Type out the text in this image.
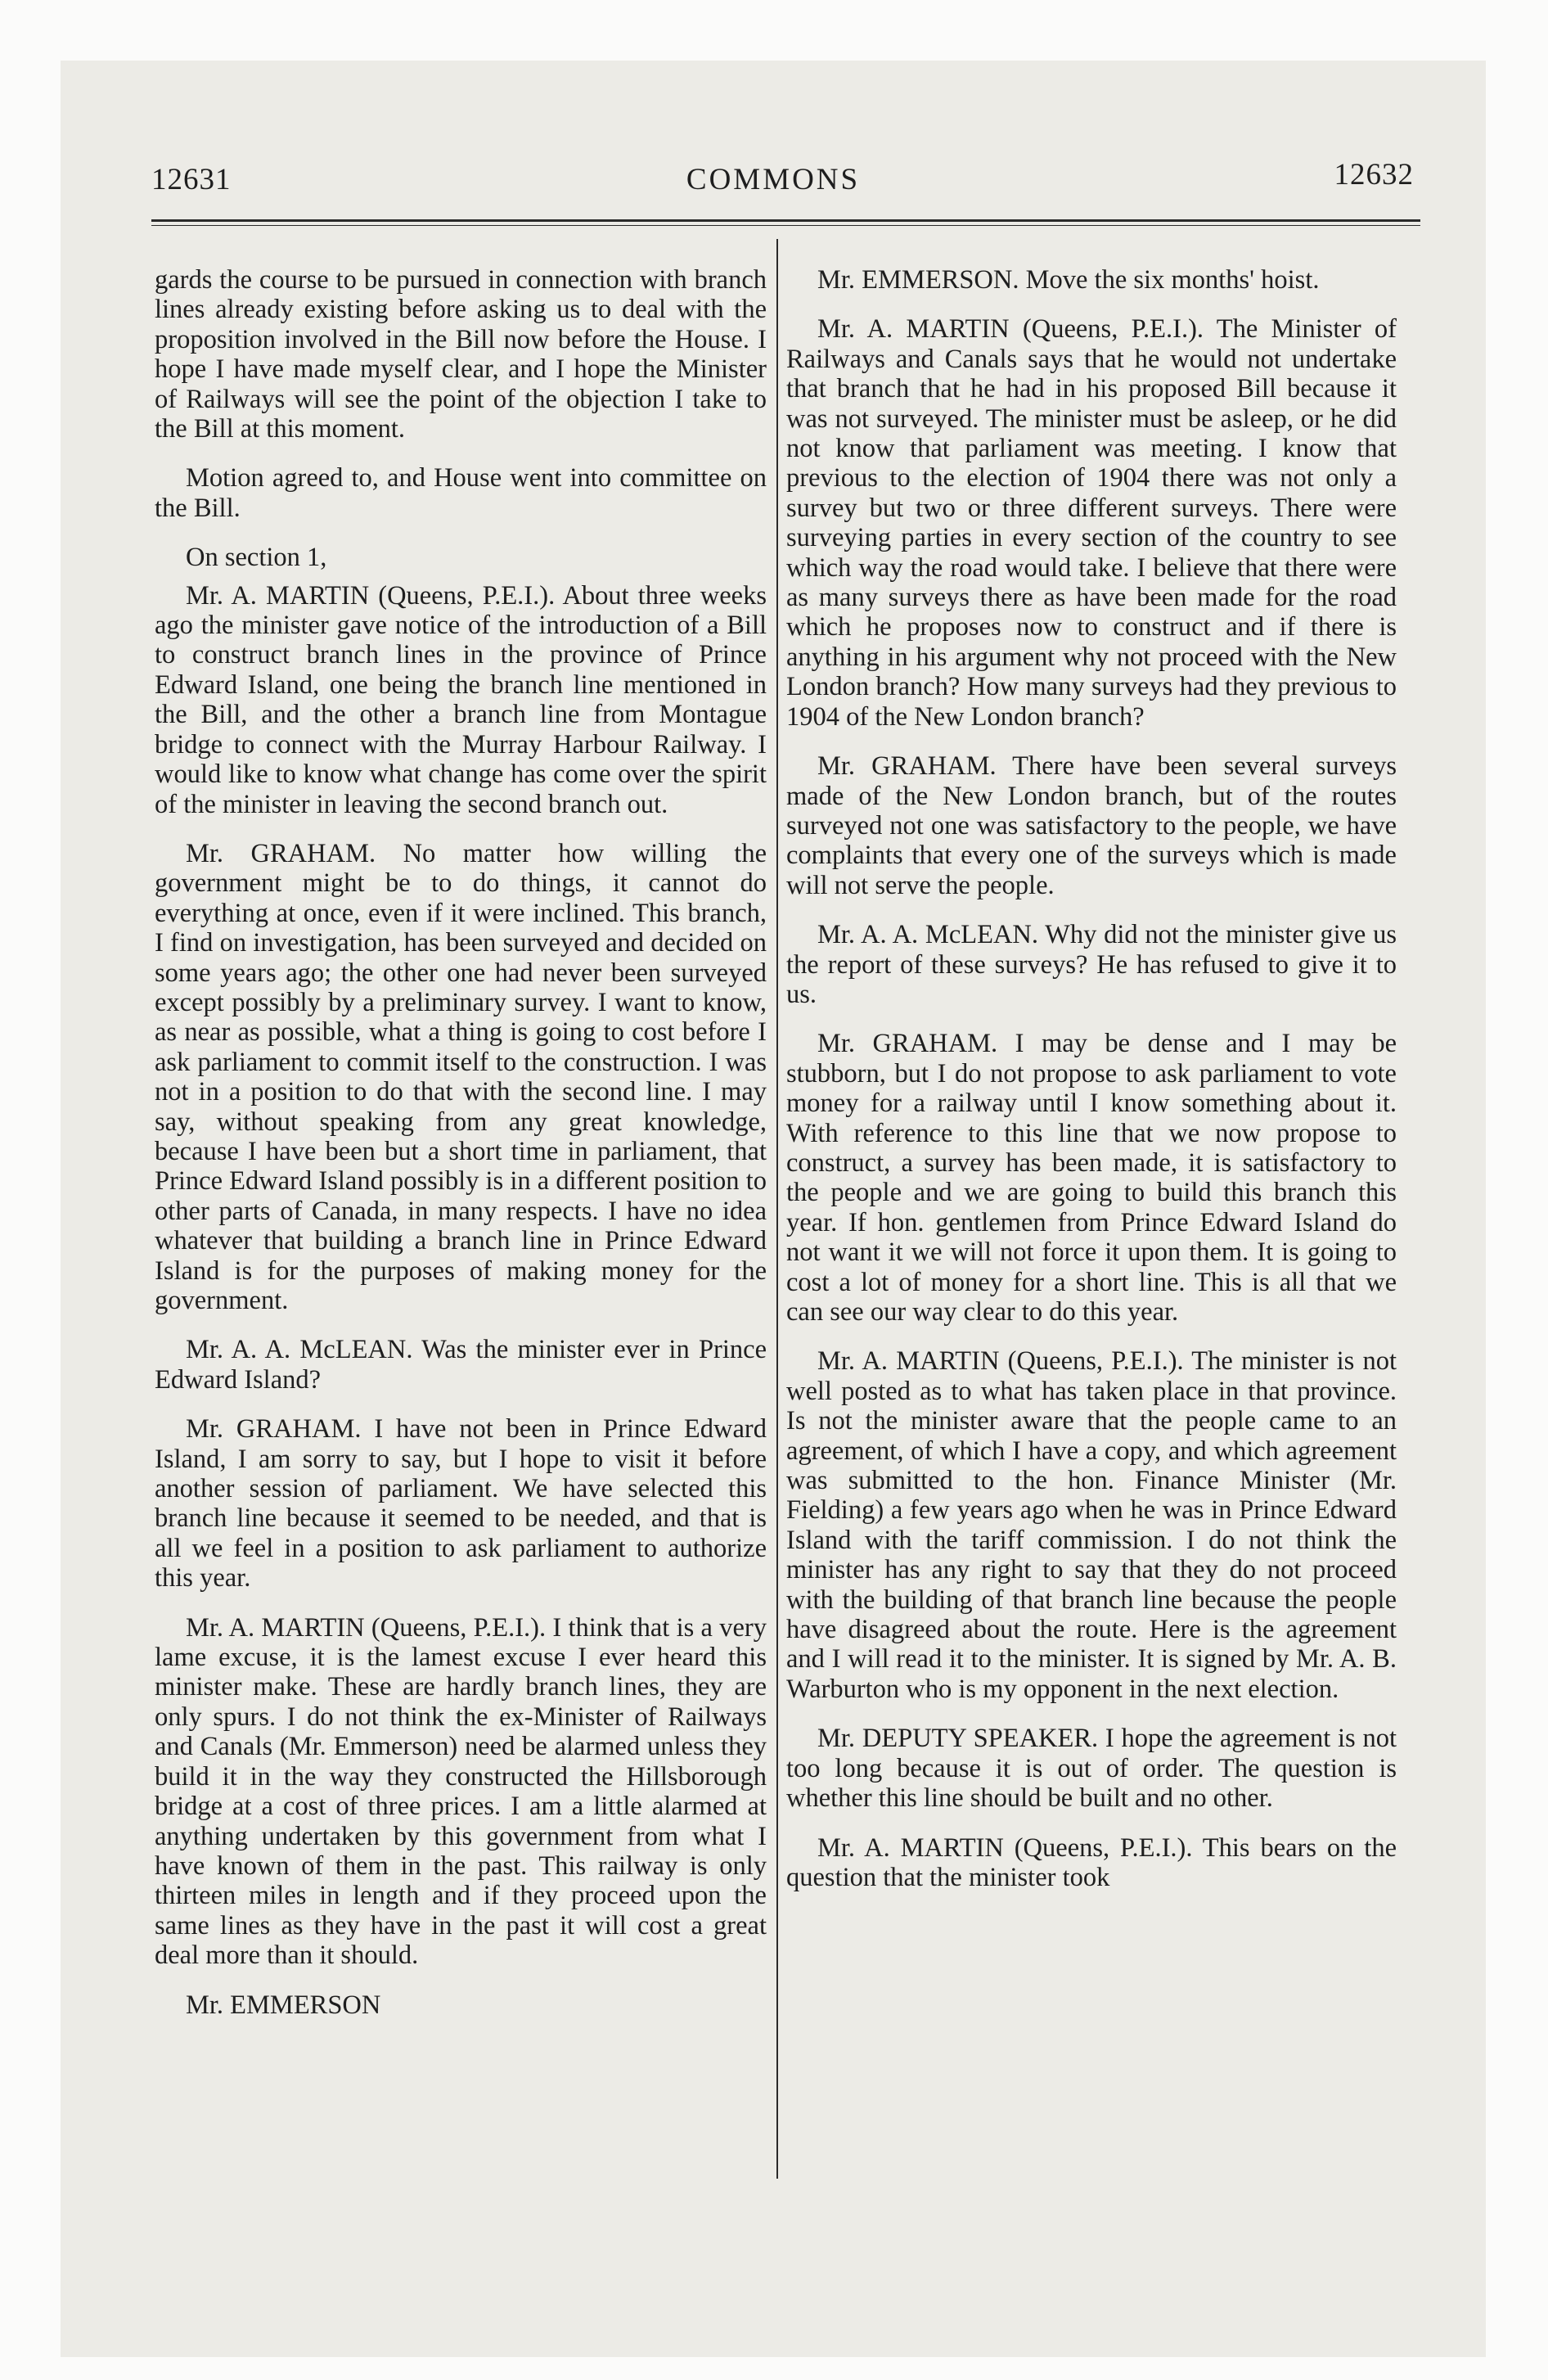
12631	COMMONS	12632

gards the course to be pursued in connection with branch lines already existing before asking us to deal with the proposition involved in the Bill now before the House. I hope I have made myself clear, and I hope the Minister of Railways will see the point of the objection I take to the Bill at this moment.

Motion agreed to, and House went into committee on the Bill.

On section 1,

Mr. A. MARTIN (Queens, P.E.I.). About three weeks ago the minister gave notice of the introduction of a Bill to construct branch lines in the province of Prince Edward Island, one being the branch line mentioned in the Bill, and the other a branch line from Montague bridge to connect with the Murray Harbour Railway. I would like to know what change has come over the spirit of the minister in leaving the second branch out.

Mr. GRAHAM. No matter how willing the government might be to do things, it cannot do everything at once, even if it were inclined. This branch, I find on investigation, has been surveyed and decided on some years ago; the other one had never been surveyed except possibly by a preliminary survey. I want to know, as near as possible, what a thing is going to cost before I ask parliament to commit itself to the construction. I was not in a position to do that with the second line. I may say, without speaking from any great knowledge, because I have been but a short time in parliament, that Prince Edward Island possibly is in a different position to other parts of Canada, in many respects. I have no idea whatever that building a branch line in Prince Edward Island is for the purposes of making money for the government.

Mr. A. A. McLEAN. Was the minister ever in Prince Edward Island?

Mr. GRAHAM. I have not been in Prince Edward Island, I am sorry to say, but I hope to visit it before another session of parliament. We have selected this branch line because it seemed to be needed, and that is all we feel in a position to ask parliament to authorize this year.

Mr. A. MARTIN (Queens, P.E.I.). I think that is a very lame excuse, it is the lamest excuse I ever heard this minister make. These are hardly branch lines, they are only spurs. I do not think the ex-Minister of Railways and Canals (Mr. Emmerson) need be alarmed unless they build it in the way they constructed the Hillsborough bridge at a cost of three prices. I am a little alarmed at anything undertaken by this government from what I have known of them in the past. This railway is only thirteen miles in length and if they proceed upon the same lines as they have in the past it will cost a great deal more than it should.

Mr. EMMERSON

Mr. EMMERSON. Move the six months' hoist.

Mr. A. MARTIN (Queens, P.E.I.). The Minister of Railways and Canals says that he would not undertake that branch that he had in his proposed Bill because it was not surveyed. The minister must be asleep, or he did not know that parliament was meeting. I know that previous to the election of 1904 there was not only a survey but two or three different surveys. There were surveying parties in every section of the country to see which way the road would take. I believe that there were as many surveys there as have been made for the road which he proposes now to construct and if there is anything in his argument why not proceed with the New London branch? How many surveys had they previous to 1904 of the New London branch?

Mr. GRAHAM. There have been several surveys made of the New London branch, but of the routes surveyed not one was satisfactory to the people, we have complaints that every one of the surveys which is made will not serve the people.

Mr. A. A. McLEAN. Why did not the minister give us the report of these surveys? He has refused to give it to us.

Mr. GRAHAM. I may be dense and I may be stubborn, but I do not propose to ask parliament to vote money for a railway until I know something about it. With reference to this line that we now propose to construct, a survey has been made, it is satisfactory to the people and we are going to build this branch this year. If hon. gentlemen from Prince Edward Island do not want it we will not force it upon them. It is going to cost a lot of money for a short line. This is all that we can see our way clear to do this year.

Mr. A. MARTIN (Queens, P.E.I.). The minister is not well posted as to what has taken place in that province. Is not the minister aware that the people came to an agreement, of which I have a copy, and which agreement was submitted to the hon. Finance Minister (Mr. Fielding) a few years ago when he was in Prince Edward Island with the tariff commission. I do not think the minister has any right to say that they do not proceed with the building of that branch line because the people have disagreed about the route. Here is the agreement and I will read it to the minister. It is signed by Mr. A. B. Warburton who is my opponent in the next election.

Mr. DEPUTY SPEAKER. I hope the agreement is not too long because it is out of order. The question is whether this line should be built and no other.

Mr. A. MARTIN (Queens, P.E.I.). This bears on the question that the minister took
